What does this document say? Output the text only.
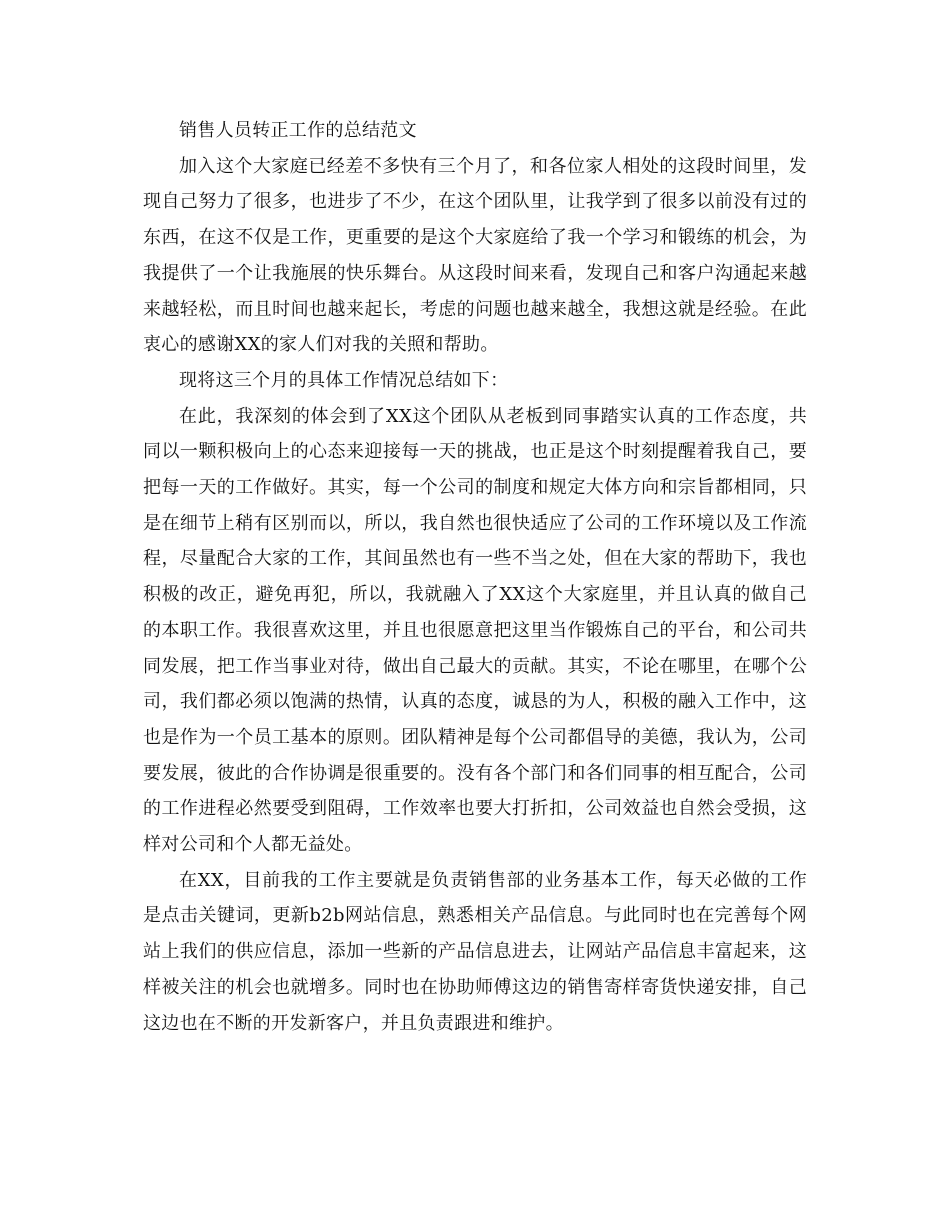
销售人员转正工作的总结范文

加入这个大家庭已经差不多快有三个月了，和各位家人相处的这段时间里，发现自己努力了很多，也进步了不少，在这个团队里，让我学到了很多以前没有过的东西，在这不仅是工作，更重要的是这个大家庭给了我一个学习和锻练的机会，为我提供了一个让我施展的快乐舞台。从这段时间来看，发现自己和客户沟通起来越来越轻松，而且时间也越来起长，考虑的问题也越来越全，我想这就是经验。在此衷心的感谢XX的家人们对我的关照和帮助。

现将这三个月的具体工作情况总结如下：

在此，我深刻的体会到了XX这个团队从老板到同事踏实认真的工作态度，共同以一颗积极向上的心态来迎接每一天的挑战，也正是这个时刻提醒着我自己，要把每一天的工作做好。其实，每一个公司的制度和规定大体方向和宗旨都相同，只是在细节上稍有区别而以，所以，我自然也很快适应了公司的工作环境以及工作流程，尽量配合大家的工作，其间虽然也有一些不当之处，但在大家的帮助下，我也积极的改正，避免再犯，所以，我就融入了XX这个大家庭里，并且认真的做自己的本职工作。我很喜欢这里，并且也很愿意把这里当作锻炼自己的平台，和公司共同发展，把工作当事业对待，做出自己最大的贡献。其实，不论在哪里，在哪个公司，我们都必须以饱满的热情，认真的态度，诚恳的为人，积极的融入工作中，这也是作为一个员工基本的原则。团队精神是每个公司都倡导的美德，我认为，公司要发展，彼此的合作协调是很重要的。没有各个部门和各们同事的相互配合，公司的工作进程必然要受到阻碍，工作效率也要大打折扣，公司效益也自然会受损，这样对公司和个人都无益处。

在XX，目前我的工作主要就是负责销售部的业务基本工作，每天必做的工作是点击关键词，更新b2b网站信息，熟悉相关产品信息。与此同时也在完善每个网站上我们的供应信息，添加一些新的产品信息进去，让网站产品信息丰富起来，这样被关注的机会也就增多。同时也在协助师傅这边的销售寄样寄货快递安排，自己这边也在不断的开发新客户，并且负责跟进和维护。
